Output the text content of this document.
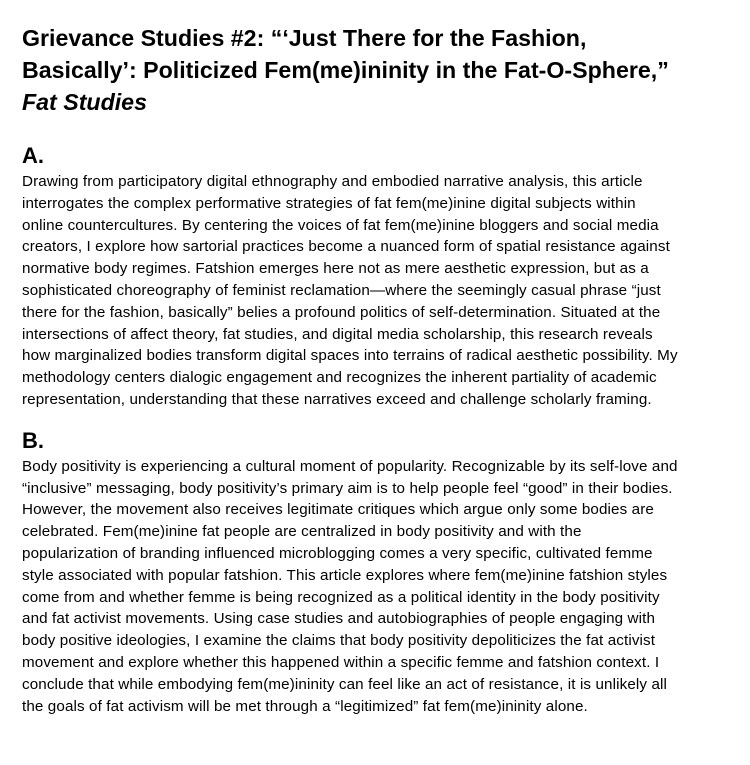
Grievance Studies #2: “‘Just There for the Fashion,
Basically’: Politicized Fem(me)ininity in the Fat-O-Sphere,”
Fat Studies
A.

Drawing from participatory digital ethnography and embodied narrative analysis, this article
interrogates the complex performative strategies of fat fem(me)inine digital subjects within
online countercultures. By centering the voices of fat fem(me)inine bloggers and social media
creators, I explore how sartorial practices become a nuanced form of spatial resistance against
normative body regimes. Fatshion emerges here not as mere aesthetic expression, but as a
sophisticated choreography of feminist reclamation—where the seemingly casual phrase “just
there for the fashion, basically” belies a profound politics of self-determination. Situated at the
intersections of affect theory, fat studies, and digital media scholarship, this research reveals
how marginalized bodies transform digital spaces into terrains of radical aesthetic possibility. My
methodology centers dialogic engagement and recognizes the inherent partiality of academic
representation, understanding that these narratives exceed and challenge scholarly framing.

B.

Body positivity is experiencing a cultural moment of popularity. Recognizable by its self-love and
“inclusive” messaging, body positivity’s primary aim is to help people feel “good” in their bodies.
However, the movement also receives legitimate critiques which argue only some bodies are
celebrated. Fem(me)inine fat people are centralized in body positivity and with the
popularization of branding influenced microblogging comes a very specific, cultivated femme
style associated with popular fatshion. This article explores where fem(me)inine fatshion styles
come from and whether femme is being recognized as a political identity in the body positivity
and fat activist movements. Using case studies and autobiographies of people engaging with
body positive ideologies, I examine the claims that body positivity depoliticizes the fat activist
movement and explore whether this happened within a specific femme and fatshion context. I
conclude that while embodying fem(me)ininity can feel like an act of resistance, it is unlikely all
the goals of fat activism will be met through a “legitimized” fat fem(me)ininity alone.
